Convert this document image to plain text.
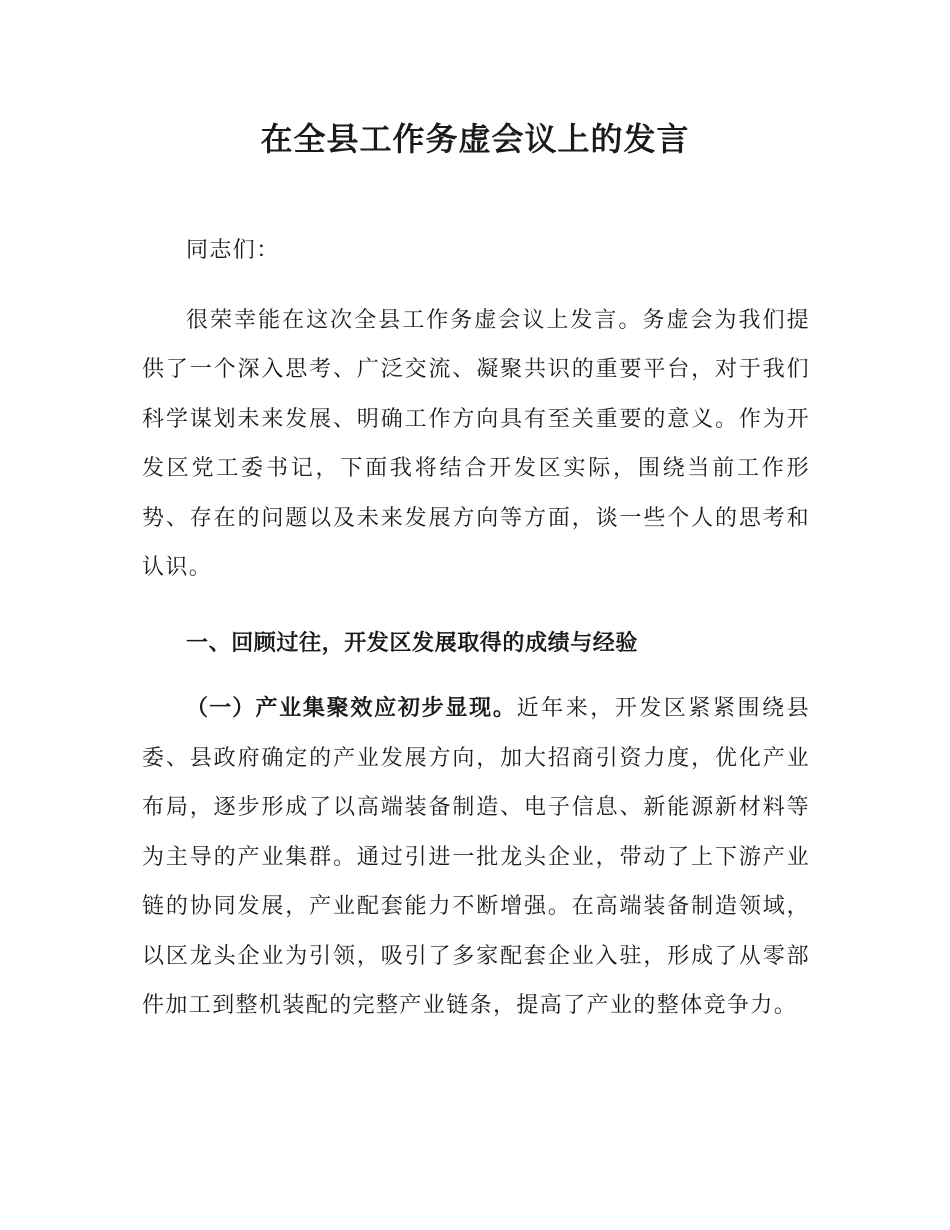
在全县工作务虚会议上的发言

同志们：

很荣幸能在这次全县工作务虚会议上发言。务虚会为我们提供了一个深入思考、广泛交流、凝聚共识的重要平台，对于我们科学谋划未来发展、明确工作方向具有至关重要的意义。作为开发区党工委书记，下面我将结合开发区实际，围绕当前工作形势、存在的问题以及未来发展方向等方面，谈一些个人的思考和认识。

一、回顾过往，开发区发展取得的成绩与经验

（一）产业集聚效应初步显现。近年来，开发区紧紧围绕县委、县政府确定的产业发展方向，加大招商引资力度，优化产业布局，逐步形成了以高端装备制造、电子信息、新能源新材料等为主导的产业集群。通过引进一批龙头企业，带动了上下游产业链的协同发展，产业配套能力不断增强。在高端装备制造领域，以区龙头企业为引领，吸引了多家配套企业入驻，形成了从零部件加工到整机装配的完整产业链条，提高了产业的整体竞争力。
